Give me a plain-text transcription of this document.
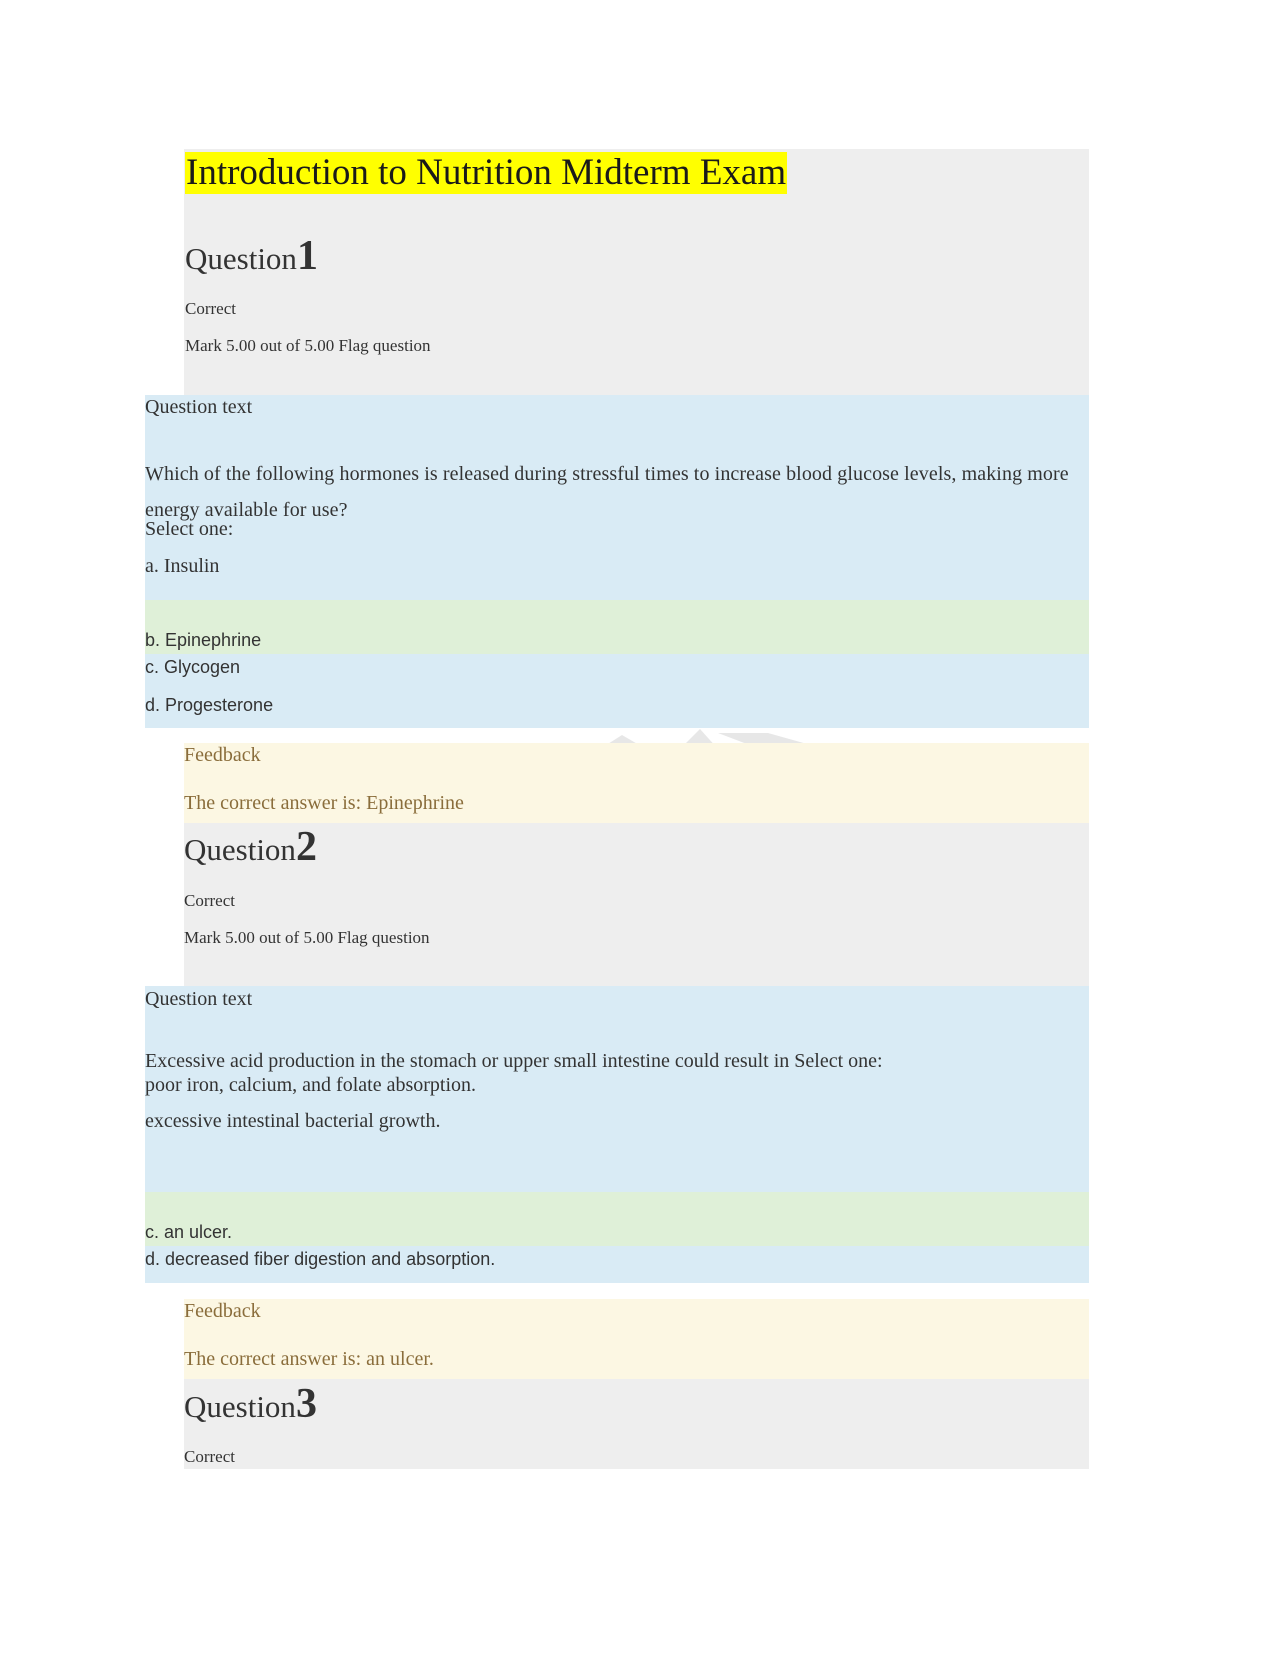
Introduction to Nutrition Midterm Exam
Question1
Correct
Mark 5.00 out of 5.00 Flag question
Question text
Which of the following hormones is released during stressful times to increase blood glucose levels, making more energy available for use?
Select one:
a. Insulin
b. Epinephrine
c. Glycogen
d. Progesterone
Feedback
The correct answer is: Epinephrine
Question2
Correct
Mark 5.00 out of 5.00 Flag question
Question text
Excessive acid production in the stomach or upper small intestine could result in Select one:
poor iron, calcium, and folate absorption.
excessive intestinal bacterial growth.
c. an ulcer.
d. decreased fiber digestion and absorption.
Feedback
The correct answer is: an ulcer.
Question3
Correct
